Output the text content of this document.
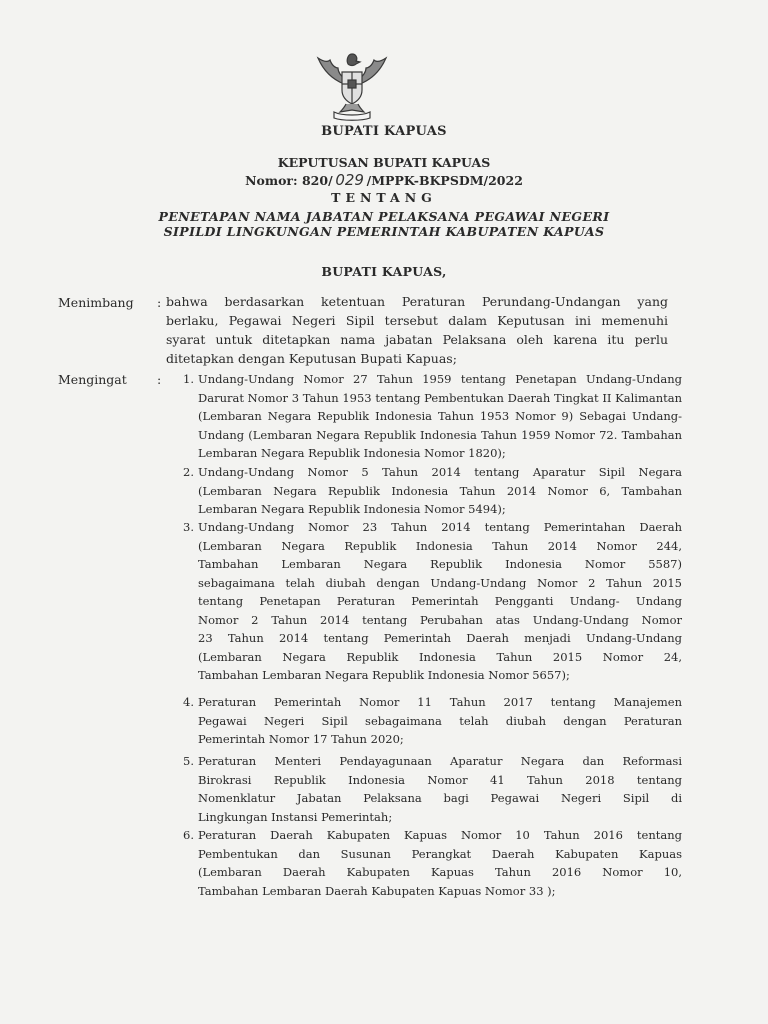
BUPATI KAPUAS
KEPUTUSAN BUPATI KAPUAS
Nomor: 820/ 029 /MPPK-BKPSDM/2022
TENTANG
PENETAPAN NAMA JABATAN PELAKSANA PEGAWAI NEGERI
SIPILDI LINGKUNGAN PEMERINTAH KABUPATEN KAPUAS
BUPATI KAPUAS,
Menimbang : bahwa berdasarkan ketentuan Peraturan Perundang-Undangan yang
berlaku, Pegawai Negeri Sipil tersebut dalam Keputusan ini memenuhi
syarat untuk ditetapkan nama jabatan Pelaksana oleh karena itu perlu
ditetapkan dengan Keputusan Bupati Kapuas;
Mengingat :	1. Undang-Undang Nomor 27 Tahun 1959 tentang Penetapan Undang-Undang
Darurat Nomor 3 Tahun 1953 tentang Pembentukan Daerah Tingkat II Kalimantan
(Lembaran Negara Republik Indonesia Tahun 1953 Nomor 9) Sebagai Undang-
Undang (Lembaran Negara Republik Indonesia Tahun 1959 Nomor 72. Tambahan
Lembaran Negara Republik Indonesia Nomor 1820);
2. Undang-Undang Nomor 5 Tahun 2014 tentang Aparatur Sipil Negara
(Lembaran Negara Republik Indonesia Tahun 2014 Nomor 6, Tambahan
Lembaran Negara Republik Indonesia Nomor 5494);
3. Undang-Undang Nomor 23 Tahun 2014 tentang Pemerintahan Daerah
(Lembaran Negara Republik Indonesia Tahun 2014 Nomor 244,
Tambahan Lembaran Negara Republik Indonesia Nomor 5587)
sebagaimana telah diubah dengan Undang-Undang Nomor 2 Tahun 2015
tentang Penetapan Peraturan Pemerintah Pengganti Undang- Undang
Nomor 2 Tahun 2014 tentang Perubahan atas Undang-Undang Nomor
23 Tahun 2014 tentang Pemerintah Daerah menjadi Undang-Undang
(Lembaran Negara Republik Indonesia Tahun 2015 Nomor 24,
Tambahan Lembaran Negara Republik Indonesia Nomor 5657);
4. Peraturan Pemerintah Nomor 11 Tahun 2017 tentang Manajemen
Pegawai Negeri Sipil sebagaimana telah diubah dengan Peraturan
Pemerintah Nomor 17 Tahun 2020;
5. Peraturan Menteri Pendayagunaan Aparatur Negara dan Reformasi
Birokrasi Republik Indonesia Nomor 41 Tahun 2018 tentang
Nomenklatur Jabatan Pelaksana bagi Pegawai Negeri Sipil di
Lingkungan Instansi Pemerintah;
6. Peraturan Daerah Kabupaten Kapuas Nomor 10 Tahun 2016 tentang
Pembentukan dan Susunan Perangkat Daerah Kabupaten Kapuas
(Lembaran Daerah Kabupaten Kapuas Tahun 2016 Nomor 10,
Tambahan Lembaran Daerah Kabupaten Kapuas Nomor 33 );
